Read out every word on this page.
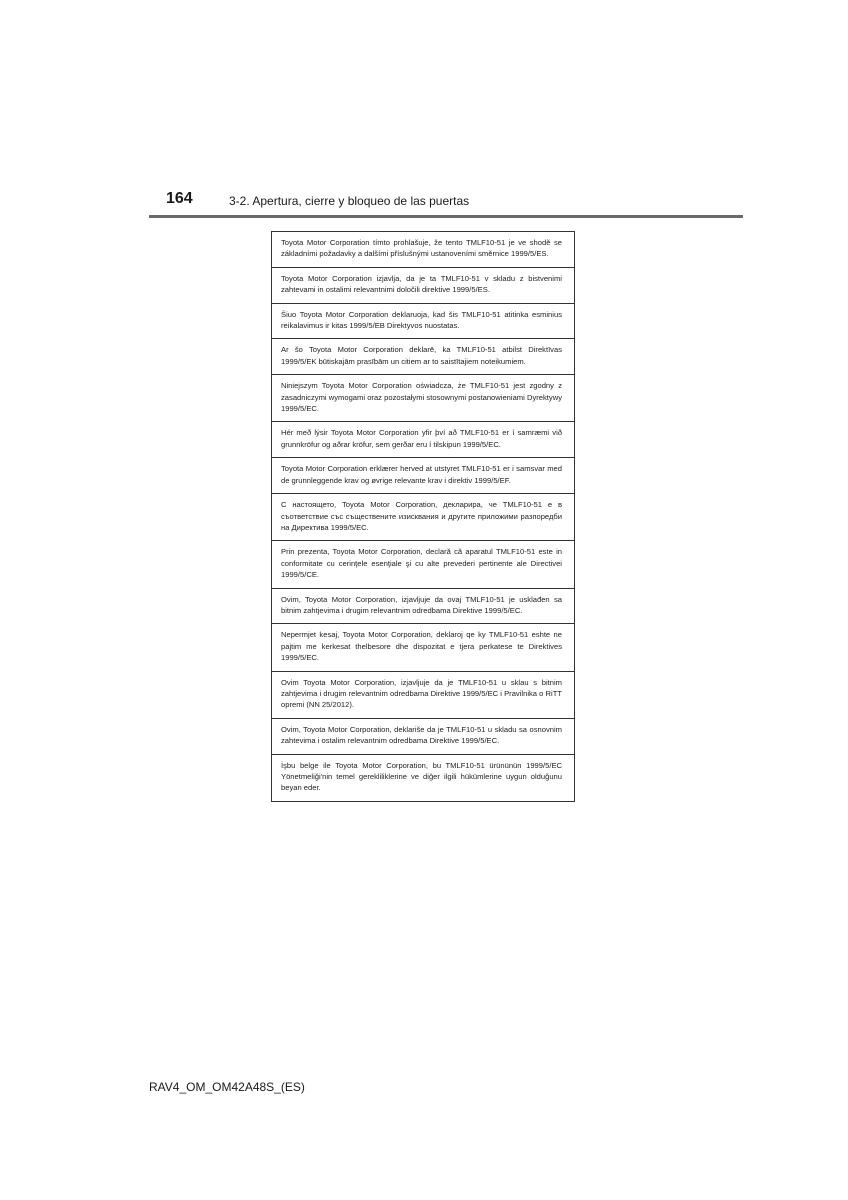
164	3-2. Apertura, cierre y bloqueo de las puertas
Toyota Motor Corporation tímto prohlašuje, že tento TMLF10-51 je ve shodě se základními požadavky a dalšími příslušnými ustanoveními směrnice 1999/5/ES.
Toyota Motor Corporation izjavlja, da je ta TMLF10-51 v skladu z bistvenimi zahtevami in ostalimi relevantnimi določili direktive 1999/5/ES.
Šiuo Toyota Motor Corporation deklaruoja, kad šis TMLF10-51 atitinka esminius reikalavimus ir kitas 1999/5/EB Direktyvos nuostatas.
Ar šo Toyota Motor Corporation deklarē, ka TMLF10-51 atbilst Direktīvas 1999/5/EK būtiskajām prasībām un citiem ar to saistītajiem noteikumiem.
Niniejszym Toyota Motor Corporation oświadcza, że TMLF10-51 jest zgodny z zasadniczymi wymogami oraz pozostałymi stosownymi postanowieniami Dyrektywy 1999/5/EC.
Hér með lýsir Toyota Motor Corporation yfir því að TMLF10-51 er í samræmi við grunnkröfur og aðrar kröfur, sem gerðar eru í tilskipun 1999/5/EC.
Toyota Motor Corporation erklærer herved at utstyret TMLF10-51 er i samsvar med de grunnleggende krav og øvrige relevante krav i direktiv 1999/5/EF.
С настоящето, Toyota Motor Corporation, декларира, че TMLF10-51 е в съответствие със съществените изисквания и другите приложими разпоредби на Директива 1999/5/ЕС.
Prin prezenta, Toyota Motor Corporation, declară că aparatul TMLF10-51 este in conformitate cu cerinţele esenţiale şi cu alte prevederi pertinente ale Directivei 1999/5/CE.
Ovim, Toyota Motor Corporation, izjavljuje da ovaj TMLF10-51 je usklađen sa bitnim zahtjevima i drugim relevantnim odredbama Direktive 1999/5/EC.
Nepermjet kesaj, Toyota Motor Corporation, deklaroj qe ky TMLF10-51 eshte ne pajtim me kerkesat thelbesore dhe dispozitat e tjera perkatese te Direktives 1999/5/EC.
Ovim Toyota Motor Corporation, izjavljuje da je TMLF10-51 u sklau s bitnim zahtjevima i drugim relevantnim odredbama Direktive 1999/5/EC i Pravilnika o RiTT opremi (NN 25/2012).
Ovim, Toyota Motor Corporation, deklariše da je TMLF10-51 u skladu sa osnovnim zahtevima i ostalim relevantnim odredbama Direktive 1999/5/EC.
İşbu belge ile Toyota Motor Corporation, bu TMLF10-51 ürününün 1999/5/EC Yönetmeliği'nin temel gerekliliklerine ve diğer ilgili hükümlerine uygun olduğunu beyan eder.
RAV4_OM_OM42A48S_(ES)
